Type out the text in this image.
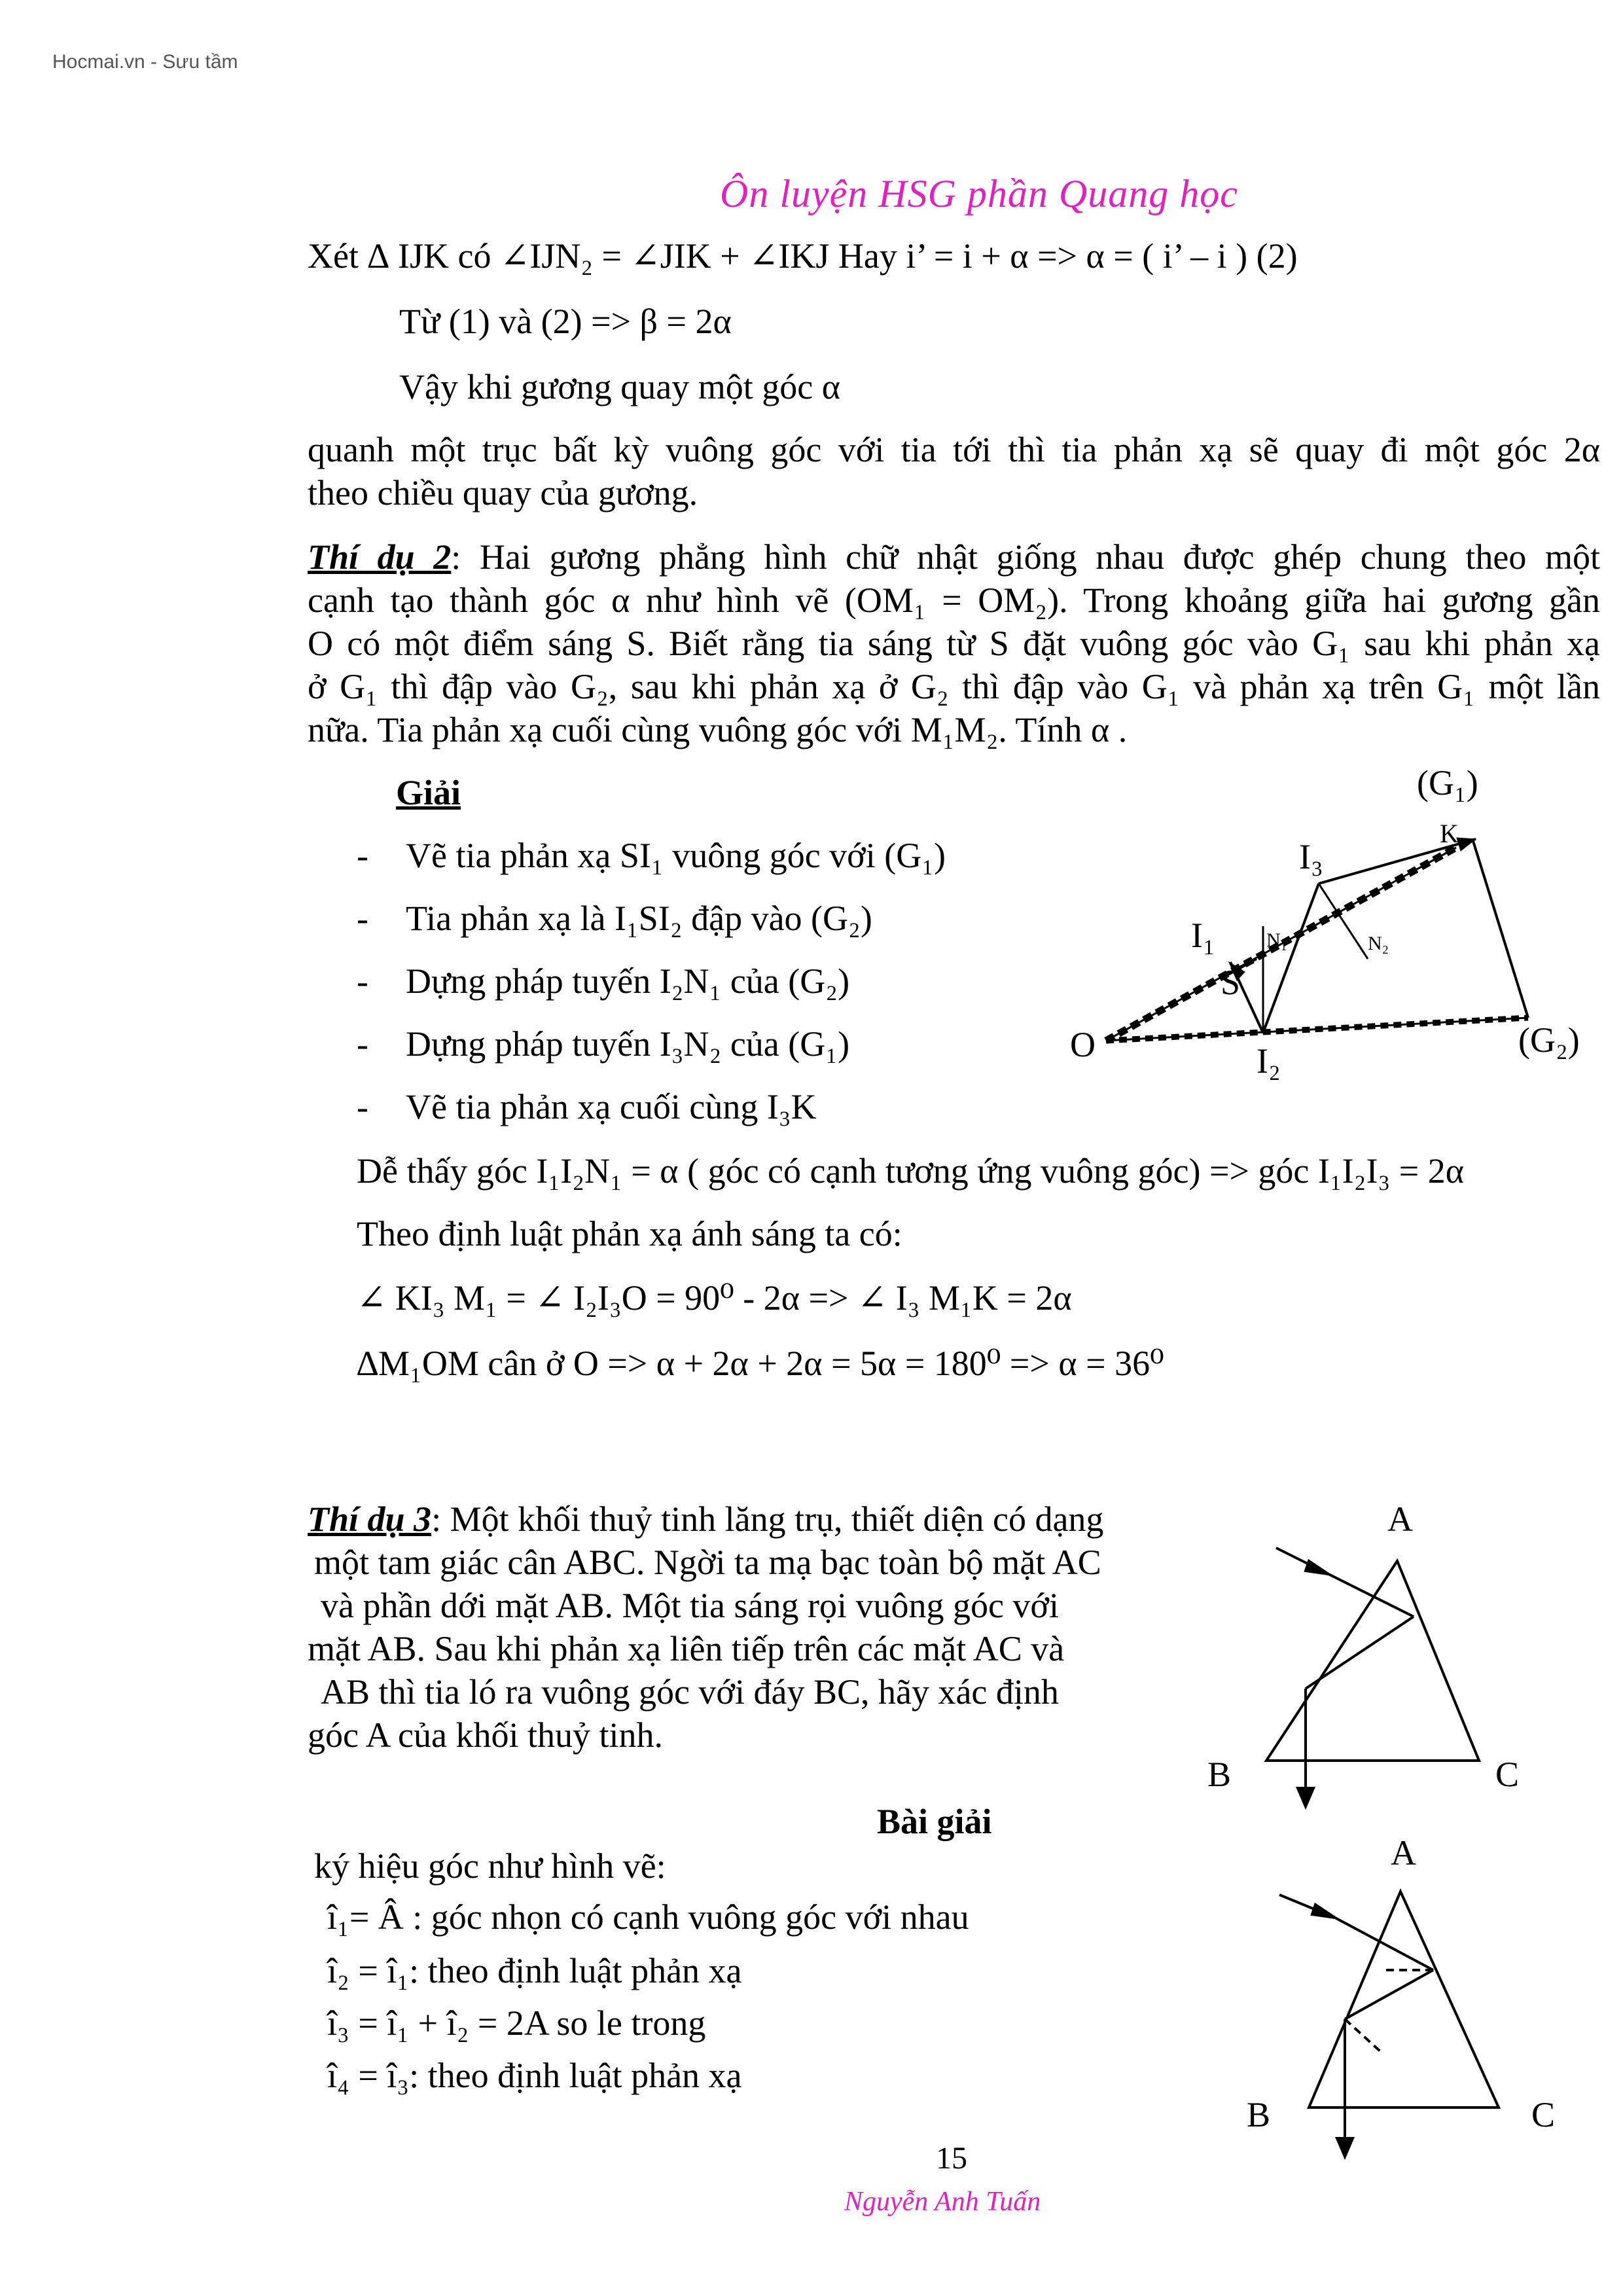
Hocmai.vn - Sưu tầm
Ôn luyện HSG phần Quang học
Xét ∆ IJK có ∠IJN₂ = ∠JIK + ∠IKJ Hay i’ = i + α => α = ( i’ – i ) (2)
Từ (1) và (2) => β = 2α
Vậy khi gương quay một góc α
quanh một trục bất kỳ vuông góc với tia tới thì tia phản xạ sẽ quay đi một góc 2α
theo chiều quay của gương.
Thí dụ 2: Hai gương phẳng hình chữ nhật giống nhau được ghép chung theo một
cạnh tạo thành góc α như hình vẽ (OM₁ = OM₂). Trong khoảng giữa hai gương gần
O có một điểm sáng S. Biết rằng tia sáng từ S đặt vuông góc vào G₁ sau khi phản xạ
ở G₁ thì đập vào G₂, sau khi phản xạ ở G₂ thì đập vào G₁ và phản xạ trên G₁ một lần
nữa. Tia phản xạ cuối cùng vuông góc với M₁M₂. Tính α .
Giải
- Vẽ tia phản xạ SI₁ vuông góc với (G₁)
- Tia phản xạ là I₁SI₂ đập vào (G₂)
- Dựng pháp tuyến I₂N₁ của (G₂)
- Dựng pháp tuyến I₃N₂ của (G₁)
- Vẽ tia phản xạ cuối cùng I₃K
Dễ thấy góc I₁I₂N₁ = α ( góc có cạnh tương ứng vuông góc) => góc I₁I₂I₃ = 2α
Theo định luật phản xạ ánh sáng ta có:
∠ KI₃ M₁ = ∠ I₂I₃O = 90⁰ - 2α => ∠ I₃ M₁K = 2α
∆M₁OM cân ở O => α + 2α + 2α = 5α = 180⁰ => α = 36⁰
(G₁)
(G₂)
O
S
I₁
I₂
I₃
K
N₁	N₂
Thí dụ 3: Một khối thuỷ tinh lăng trụ, thiết diện có dạng
một tam giác cân ABC. Ngời ta mạ bạc toàn bộ mặt AC
và phần dới mặt AB. Một tia sáng rọi vuông góc với
mặt AB. Sau khi phản xạ liên tiếp trên các mặt AC và
AB thì tia ló ra vuông góc với đáy BC, hãy xác định
góc A của khối thuỷ tinh.
Bài giải
ký hiệu góc như hình vẽ:
î₁= Â : góc nhọn có cạnh vuông góc với nhau
î₂ = î₁: theo định luật phản xạ
î₃ = î₁ + î₂ = 2A so le trong
î₄ = î₃: theo định luật phản xạ
A
B	C
A
B	C
15
Nguyễn Anh Tuấn
